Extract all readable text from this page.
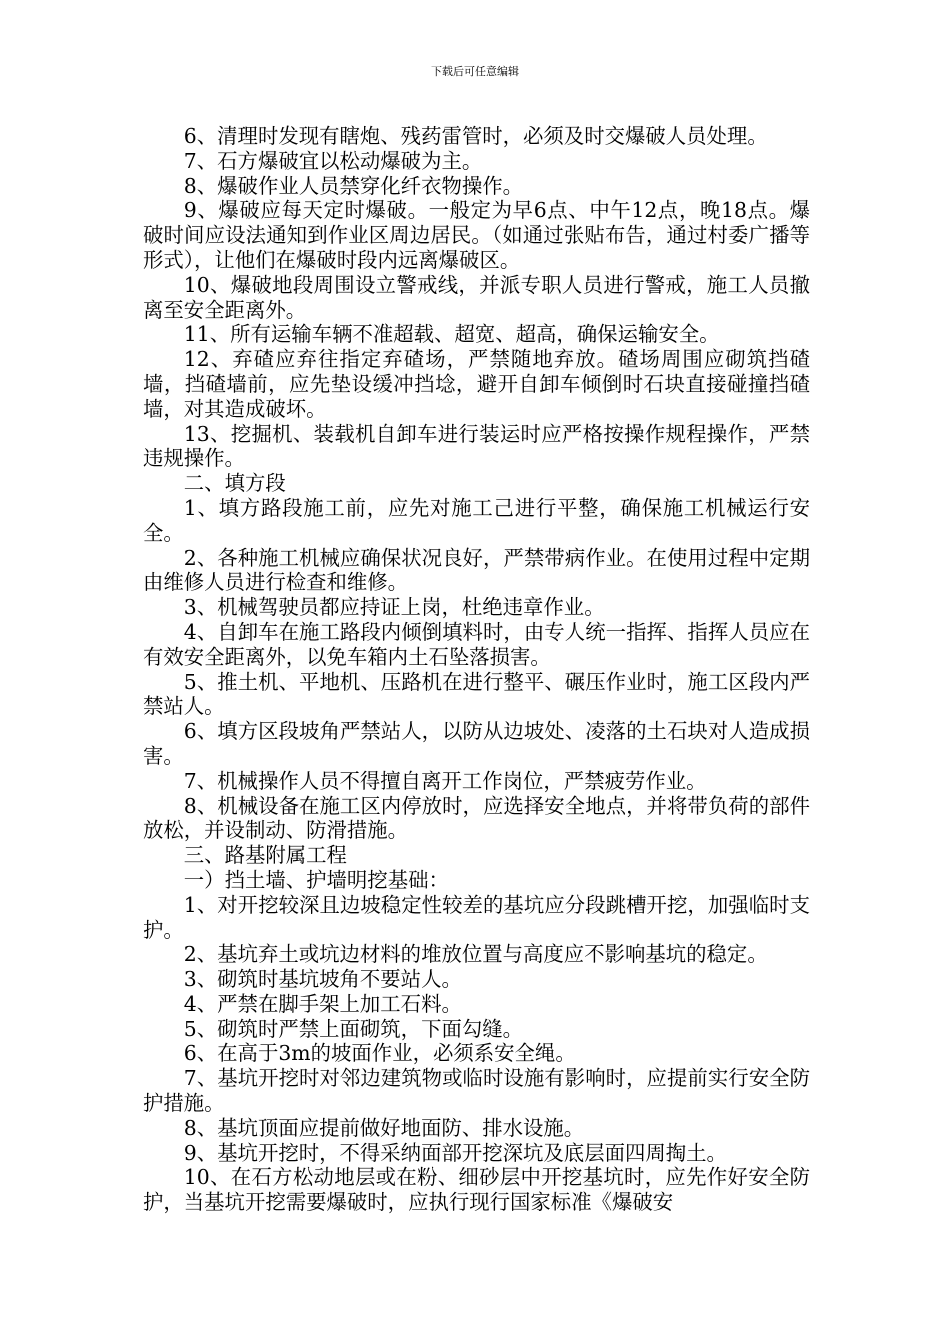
下载后可任意编辑

6、清理时发现有瞎炮、残药雷管时，必须及时交爆破人员处理。

7、石方爆破宜以松动爆破为主。

8、爆破作业人员禁穿化纤衣物操作。

9、爆破应每天定时爆破。一般定为早6点、中午12点，晚18点。爆破时间应设法通知到作业区周边居民。（如通过张贴布告，通过村委广播等形式），让他们在爆破时段内远离爆破区。

10、爆破地段周围设立警戒线，并派专职人员进行警戒，施工人员撤离至安全距离外。

11、所有运输车辆不准超载、超宽、超高，确保运输安全。

12、弃碴应弃往指定弃碴场，严禁随地弃放。碴场周围应砌筑挡碴墙，挡碴墙前，应先垫设缓冲挡埝，避开自卸车倾倒时石块直接碰撞挡碴墙，对其造成破坏。

13、挖掘机、装载机自卸车进行装运时应严格按操作规程操作，严禁违规操作。

二、填方段

1、填方路段施工前，应先对施工己进行平整，确保施工机械运行安全。

2、各种施工机械应确保状况良好，严禁带病作业。在使用过程中定期由维修人员进行检查和维修。

3、机械驾驶员都应持证上岗，杜绝违章作业。

4、自卸车在施工路段内倾倒填料时，由专人统一指挥、指挥人员应在有效安全距离外，以免车箱内土石坠落损害。

5、推土机、平地机、压路机在进行整平、碾压作业时，施工区段内严禁站人。

6、填方区段坡角严禁站人，以防从边坡处、凌落的土石块对人造成损害。

7、机械操作人员不得擅自离开工作岗位，严禁疲劳作业。

8、机械设备在施工区内停放时，应选择安全地点，并将带负荷的部件放松，并设制动、防滑措施。

三、路基附属工程

一）挡土墙、护墙明挖基础：

1、对开挖较深且边坡稳定性较差的基坑应分段跳槽开挖，加强临时支护。

2、基坑弃土或坑边材料的堆放位置与高度应不影响基坑的稳定。

3、砌筑时基坑坡角不要站人。

4、严禁在脚手架上加工石料。

5、砌筑时严禁上面砌筑，下面勾缝。

6、在高于3m的坡面作业，必须系安全绳。

7、基坑开挖时对邻边建筑物或临时设施有影响时，应提前实行安全防护措施。

8、基坑顶面应提前做好地面防、排水设施。

9、基坑开挖时，不得采纳面部开挖深坑及底层面四周掏土。

10、在石方松动地层或在粉、细砂层中开挖基坑时，应先作好安全防护，当基坑开挖需要爆破时，应执行现行国家标准《爆破安
